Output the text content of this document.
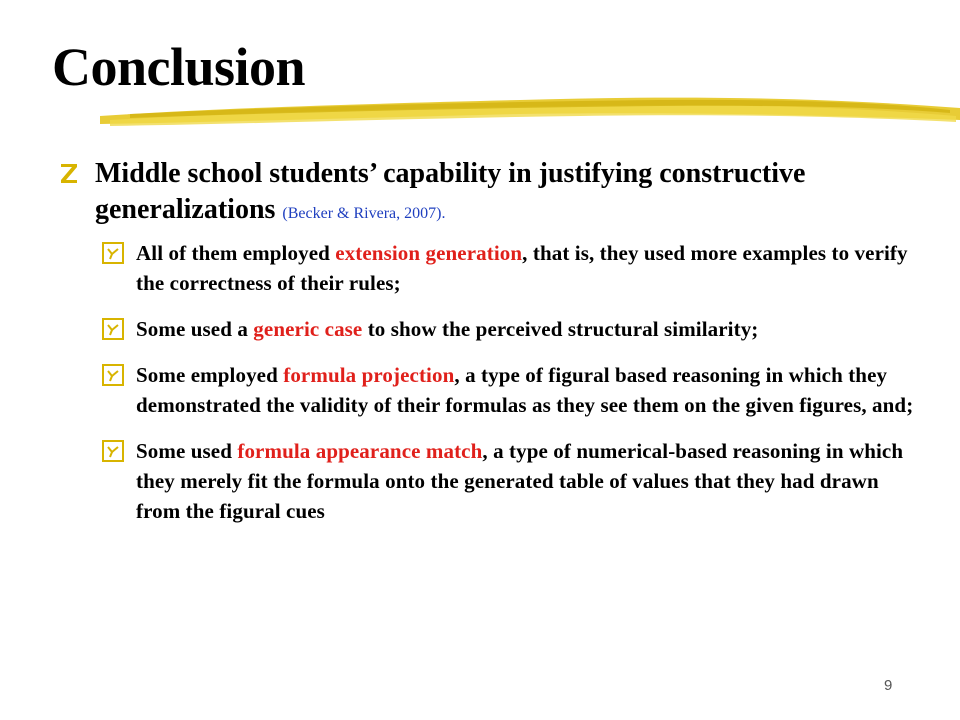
Conclusion
Middle school students’ capability in justifying constructive generalizations (Becker & Rivera, 2007).
All of them employed extension generation, that is, they used more examples to verify the correctness of their rules;
Some used a generic case to show the perceived structural similarity;
Some employed formula projection, a type of figural based reasoning in which they demonstrated the validity of their formulas as they see them on the given figures, and;
Some used formula appearance match, a type of numerical-based reasoning in which they merely fit the formula onto the generated table of values that they had drawn from the figural cues
9
